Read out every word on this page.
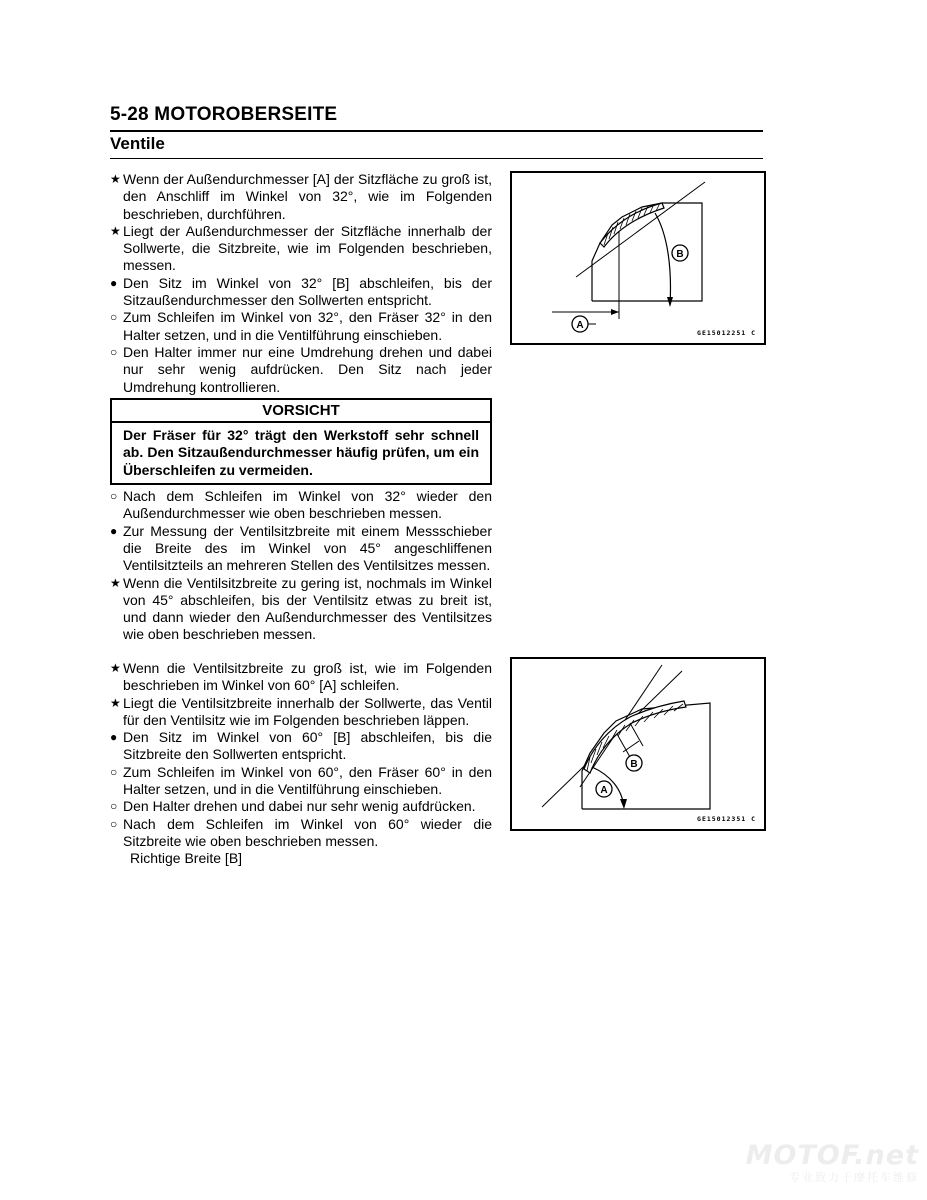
5-28 MOTOROBERSEITE
Ventile
★ Wenn der Außendurchmesser [A] der Sitzfläche zu groß ist, den Anschliff im Winkel von 32°, wie im Folgenden beschrieben, durchführen.
★ Liegt der Außendurchmesser der Sitzfläche innerhalb der Sollwerte, die Sitzbreite, wie im Folgenden beschrieben, messen.
● Den Sitz im Winkel von 32° [B] abschleifen, bis der Sitzaußendurchmesser den Sollwerten entspricht.
○ Zum Schleifen im Winkel von 32°, den Fräser 32° in den Halter setzen, und in die Ventilführung einschieben.
○ Den Halter immer nur eine Umdrehung drehen und dabei nur sehr wenig aufdrücken. Den Sitz nach jeder Umdrehung kontrollieren.
VORSICHT
Der Fräser für 32° trägt den Werkstoff sehr schnell ab. Den Sitzaußendurchmesser häufig prüfen, um ein Überschleifen zu vermeiden.
○ Nach dem Schleifen im Winkel von 32° wieder den Außendurchmesser wie oben beschrieben messen.
● Zur Messung der Ventilsitzbreite mit einem Messschieber die Breite des im Winkel von 45° angeschliffenen Ventilsitzteils an mehreren Stellen des Ventilsitzes messen.
★ Wenn die Ventilsitzbreite zu gering ist, nochmals im Winkel von 45° abschleifen, bis der Ventilsitz etwas zu breit ist, und dann wieder den Außendurchmesser des Ventilsitzes wie oben beschrieben messen.
★ Wenn die Ventilsitzbreite zu groß ist, wie im Folgenden beschrieben im Winkel von 60° [A] schleifen.
★ Liegt die Ventilsitzbreite innerhalb der Sollwerte, das Ventil für den Ventilsitz wie im Folgenden beschrieben läppen.
● Den Sitz im Winkel von 60° [B] abschleifen, bis die Sitzbreite den Sollwerten entspricht.
○ Zum Schleifen im Winkel von 60°, den Fräser 60° in den Halter setzen, und in die Ventilführung einschieben.
○ Den Halter drehen und dabei nur sehr wenig aufdrücken.
○ Nach dem Schleifen im Winkel von 60° wieder die Sitzbreite wie oben beschrieben messen.
Richtige Breite [B]
B
A
GE15012251 C
B
A
GE15012351 C
MOTOF.net
专业致力于摩托车维修
